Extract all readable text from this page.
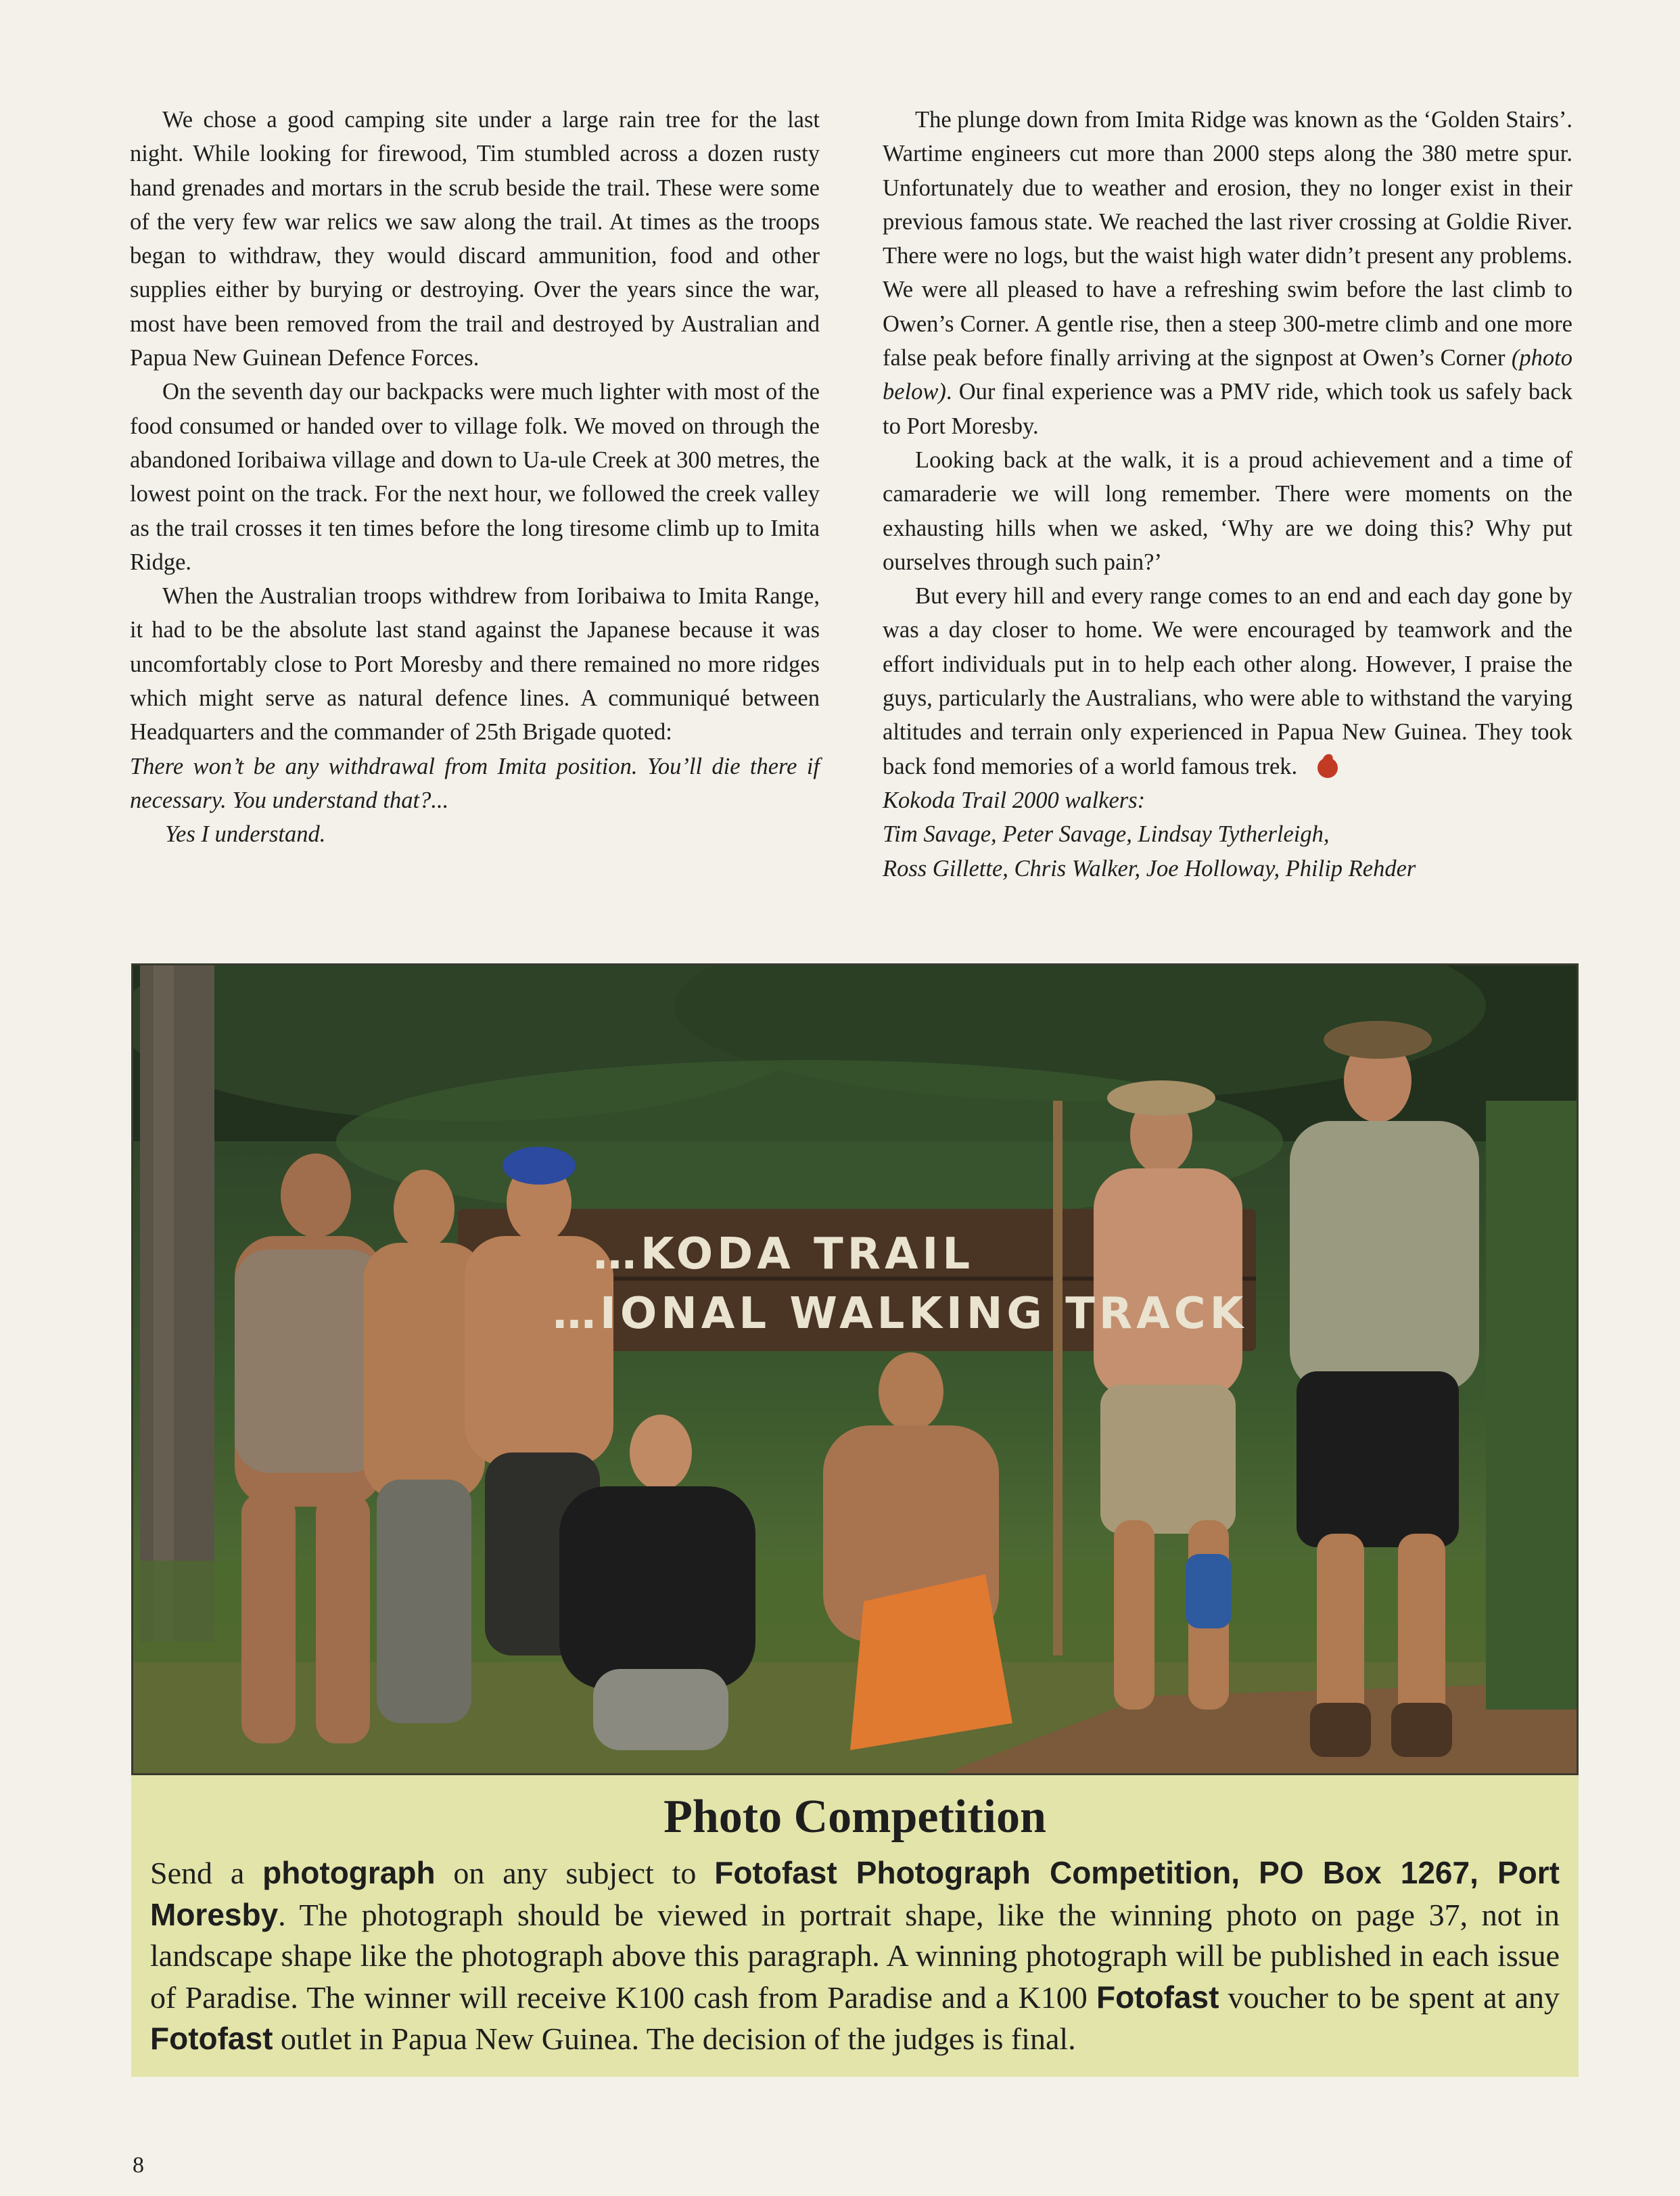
We chose a good camping site under a large rain tree for the last night. While looking for firewood, Tim stumbled across a dozen rusty hand grenades and mortars in the scrub beside the trail. These were some of the very few war relics we saw along the trail. At times as the troops began to withdraw, they would discard ammunition, food and other supplies either by burying or destroying. Over the years since the war, most have been removed from the trail and destroyed by Australian and Papua New Guinean Defence Forces.

On the seventh day our backpacks were much lighter with most of the food consumed or handed over to village folk. We moved on through the abandoned Ioribaiwa village and down to Ua-ule Creek at 300 metres, the lowest point on the track. For the next hour, we followed the creek valley as the trail crosses it ten times before the long tiresome climb up to Imita Ridge.

When the Australian troops withdrew from Ioribaiwa to Imita Range, it had to be the absolute last stand against the Japanese because it was uncomfortably close to Port Moresby and there remained no more ridges which might serve as natural defence lines. A communiqué between Headquarters and the commander of 25th Brigade quoted:

There won’t be any withdrawal from Imita position. You’ll die there if necessary. You understand that?...

Yes I understand.

The plunge down from Imita Ridge was known as the ‘Golden Stairs’. Wartime engineers cut more than 2000 steps along the 380 metre spur. Unfortunately due to weather and erosion, they no longer exist in their previous famous state. We reached the last river crossing at Goldie River. There were no logs, but the waist high water didn’t present any problems. We were all pleased to have a refreshing swim before the last climb to Owen’s Corner. A gentle rise, then a steep 300-metre climb and one more false peak before finally arriving at the signpost at Owen’s Corner (photo below). Our final experience was a PMV ride, which took us safely back to Port Moresby.

Looking back at the walk, it is a proud achievement and a time of camaraderie we will long remember. There were moments on the exhausting hills when we asked, ‘Why are we doing this? Why put ourselves through such pain?’

But every hill and every range comes to an end and each day gone by was a day closer to home. We were encouraged by teamwork and the effort individuals put in to help each other along. However, I praise the guys, particularly the Australians, who were able to withstand the varying altitudes and terrain only experienced in Papua New Guinea. They took back fond memories of a world famous trek.

Kokoda Trail 2000 walkers:

Tim Savage, Peter Savage, Lindsay Tytherleigh,

Ross Gillette, Chris Walker, Joe Holloway, Philip Rehder

…KODA TRAIL
…IONAL WALKING TRACK
Photo Competition

Send a photograph on any subject to Fotofast Photograph Competition, PO Box 1267, Port Moresby. The photograph should be viewed in portrait shape, like the winning photo on page 37, not in landscape shape like the photograph above this paragraph. A winning photograph will be published in each issue of Paradise. The winner will receive K100 cash from Paradise and a K100 Fotofast voucher to be spent at any Fotofast outlet in Papua New Guinea. The decision of the judges is final.

8
